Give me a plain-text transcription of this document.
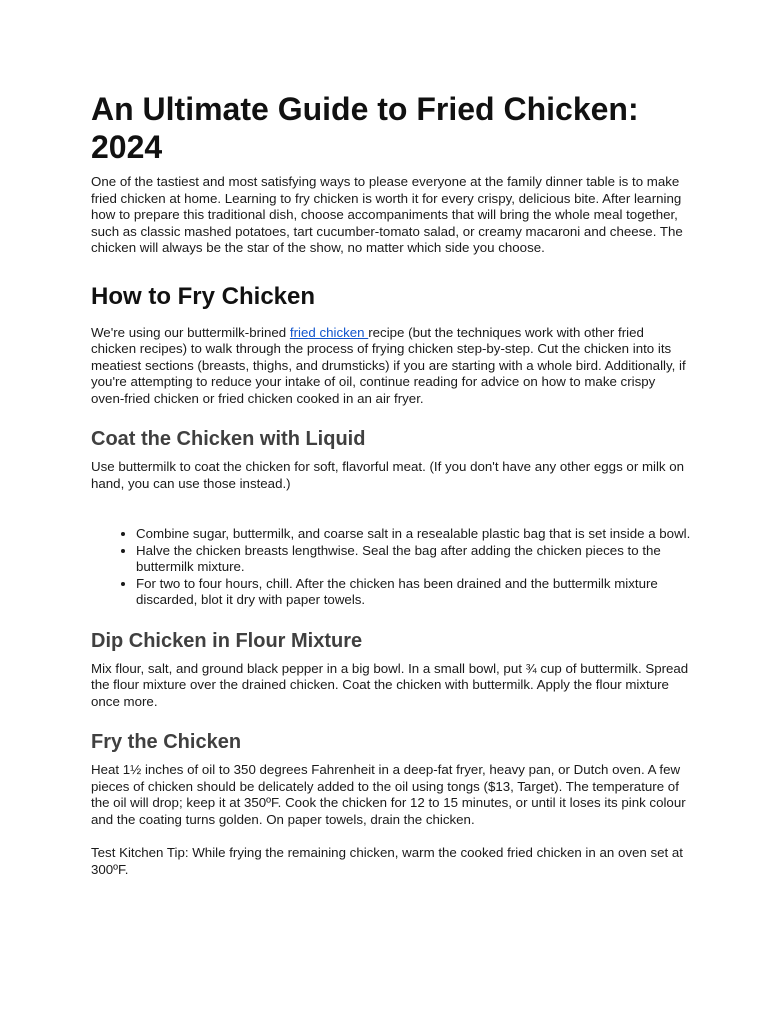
An Ultimate Guide to Fried Chicken: 2024

One of the tastiest and most satisfying ways to please everyone at the family dinner table is to make fried chicken at home. Learning to fry chicken is worth it for every crispy, delicious bite. After learning how to prepare this traditional dish, choose accompaniments that will bring the whole meal together, such as classic mashed potatoes, tart cucumber-tomato salad, or creamy macaroni and cheese. The chicken will always be the star of the show, no matter which side you choose.

How to Fry Chicken

We're using our buttermilk-brined fried chicken recipe (but the techniques work with other fried chicken recipes) to walk through the process of frying chicken step-by-step. Cut the chicken into its meatiest sections (breasts, thighs, and drumsticks) if you are starting with a whole bird. Additionally, if you're attempting to reduce your intake of oil, continue reading for advice on how to make crispy oven-fried chicken or fried chicken cooked in an air fryer.

Coat the Chicken with Liquid

Use buttermilk to coat the chicken for soft, flavorful meat. (If you don't have any other eggs or milk on hand, you can use those instead.)

• Combine sugar, buttermilk, and coarse salt in a resealable plastic bag that is set inside a bowl.
• Halve the chicken breasts lengthwise. Seal the bag after adding the chicken pieces to the buttermilk mixture.
• For two to four hours, chill. After the chicken has been drained and the buttermilk mixture discarded, blot it dry with paper towels.
Dip Chicken in Flour Mixture

Mix flour, salt, and ground black pepper in a big bowl. In a small bowl, put ¾ cup of buttermilk. Spread the flour mixture over the drained chicken. Coat the chicken with buttermilk. Apply the flour mixture once more.

Fry the Chicken

Heat 1½ inches of oil to 350 degrees Fahrenheit in a deep-fat fryer, heavy pan, or Dutch oven. A few pieces of chicken should be delicately added to the oil using tongs ($13, Target). The temperature of the oil will drop; keep it at 350ºF. Cook the chicken for 12 to 15 minutes, or until it loses its pink colour and the coating turns golden. On paper towels, drain the chicken.

Test Kitchen Tip: While frying the remaining chicken, warm the cooked fried chicken in an oven set at 300ºF.
